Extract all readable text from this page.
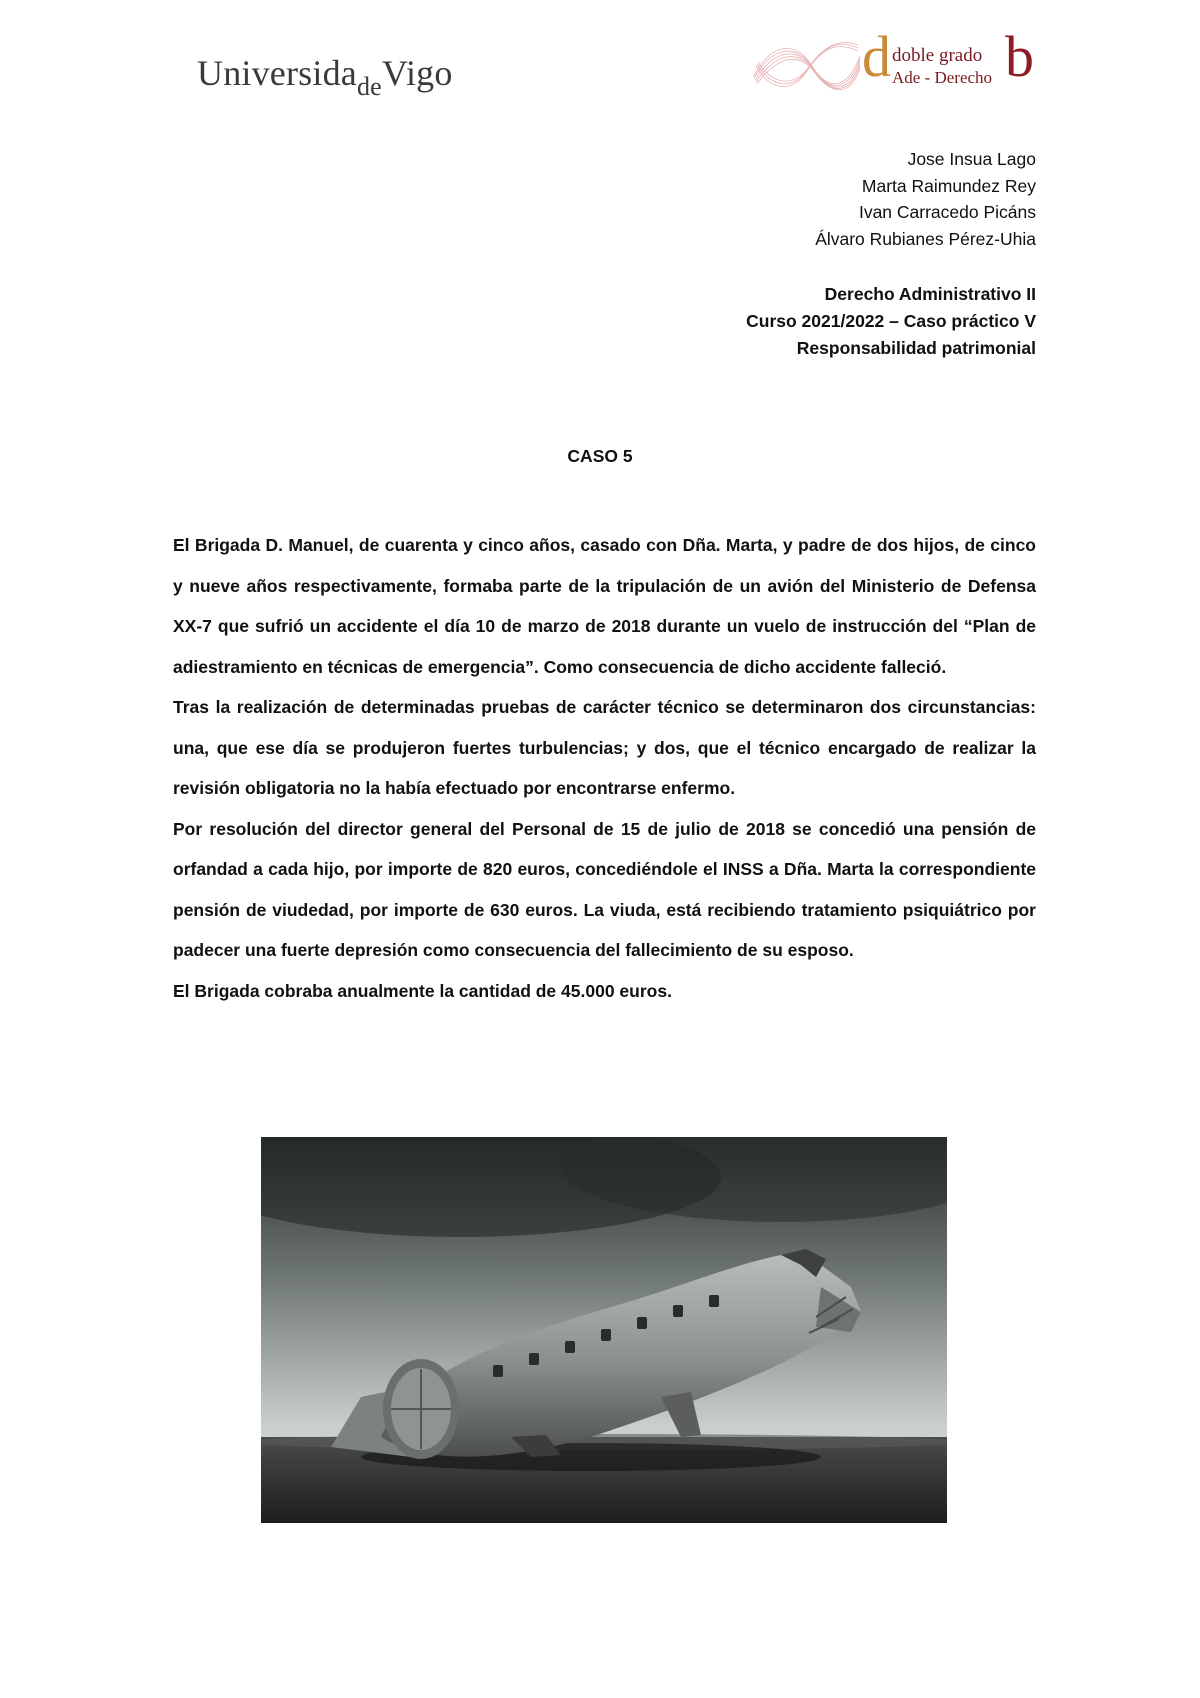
Universida$_{de}$Vigo	d doble grado
Ade - Derecho b
Jose Insua Lago
Marta Raimundez Rey
Ivan Carracedo Picáns
Álvaro Rubianes Pérez-Uhia
Derecho Administrativo II
Curso 2021/2022 – Caso práctico V
Responsabilidad patrimonial
CASO 5

El Brigada D. Manuel, de cuarenta y cinco años, casado con Dña. Marta, y padre de dos hijos, de cinco y nueve años respectivamente, formaba parte de la tripulación de un avión del Ministerio de Defensa XX-7 que sufrió un accidente el día 10 de marzo de 2018 durante un vuelo de instrucción del “Plan de adiestramiento en técnicas de emergencia”. Como consecuencia de dicho accidente falleció.

Tras la realización de determinadas pruebas de carácter técnico se determinaron dos circunstancias: una, que ese día se produjeron fuertes turbulencias; y dos, que el técnico encargado de realizar la revisión obligatoria no la había efectuado por encontrarse enfermo.

Por resolución del director general del Personal de 15 de julio de 2018 se concedió una pensión de orfandad a cada hijo, por importe de 820 euros, concediéndole el INSS a Dña. Marta la correspondiente pensión de viudedad, por importe de 630 euros. La viuda, está recibiendo tratamiento psiquiátrico por padecer una fuerte depresión como consecuencia del fallecimiento de su esposo.

El Brigada cobraba anualmente la cantidad de 45.000 euros.
